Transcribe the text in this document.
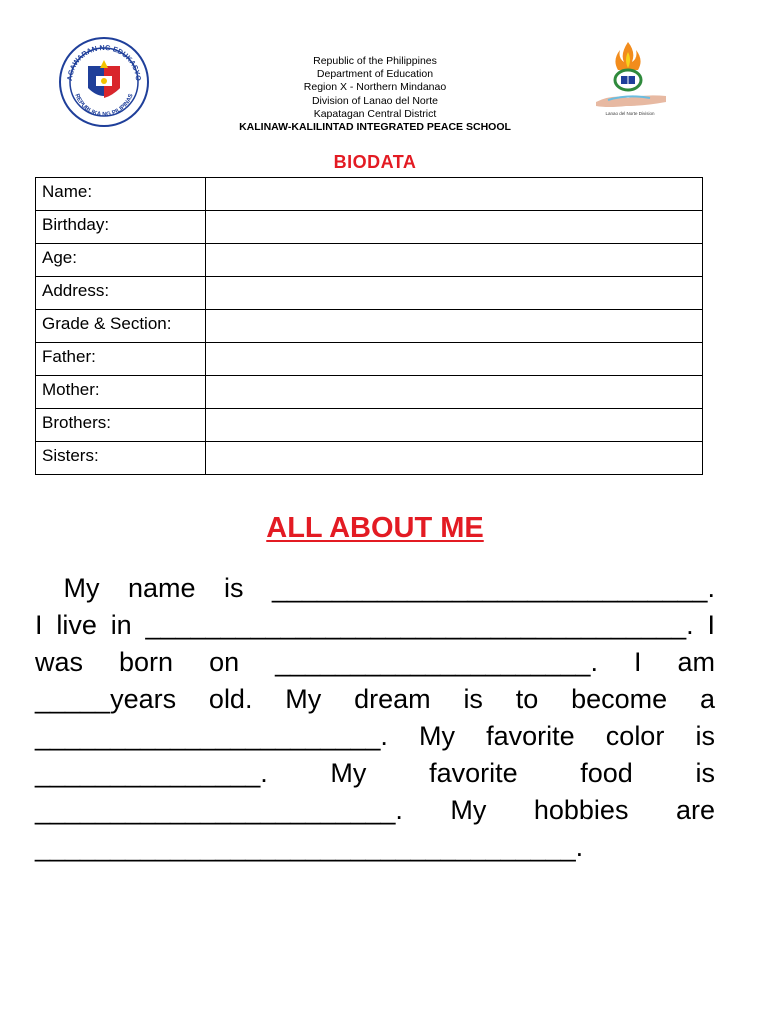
AGAWARAN NG EDUKASYO
REPUBLIKA NG PILIPINAS
Republic of the Philippines
Department of Education
Region X - Northern Mindanao
Division of Lanao del Norte
Kapatagan Central District
KALINAW-KALILINTAD INTEGRATED PEACE SCHOOL
Lanao del Norte Division
BIODATA
Name:	
Birthday:	
Age:	
Address:	
Grade & Section:	
Father:	
Mother:	
Brothers:	
Sisters:	
ALL ABOUT ME
My name is _____________________________.
I live in ____________________________________. I
was born on _____________________. I am
_____years old. My dream is to become a
_______________________. My favorite color is
_______________. My favorite food is
________________________. My hobbies are
____________________________________.
